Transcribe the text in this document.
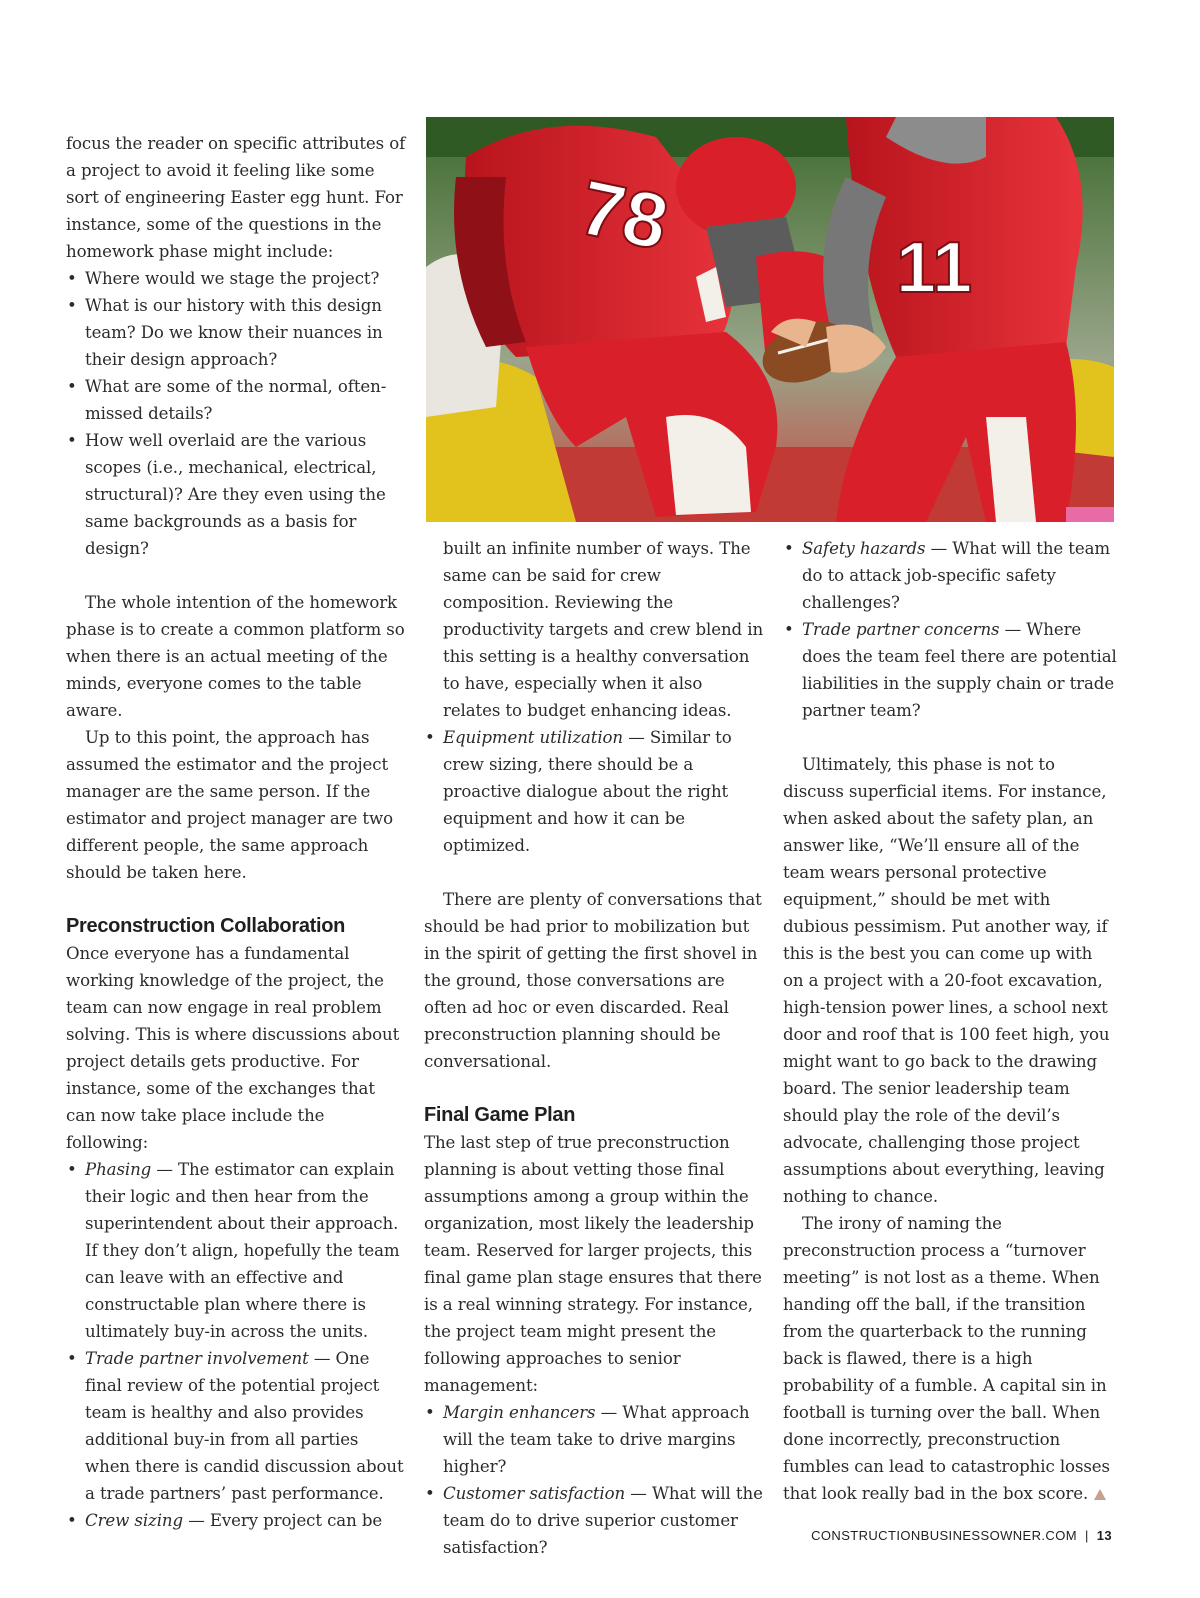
focus the reader on specific attributes of a project to avoid it feeling like some sort of engineering Easter egg hunt. For instance, some of the questions in the homework phase might include:

• Where would we stage the project?
• What is our history with this design team? Do we know their nuances in their design approach?
• What are some of the normal, often-missed details?
• How well overlaid are the various scopes (i.e., mechanical, electrical, structural)? Are they even using the same backgrounds as a basis for design?

The whole intention of the homework phase is to create a common platform so when there is an actual meeting of the minds, everyone comes to the table aware.

Up to this point, the approach has assumed the estimator and the project manager are the same person. If the estimator and project manager are two different people, the same approach should be taken here.

Preconstruction Collaboration

Once everyone has a fundamental working knowledge of the project, the team can now engage in real problem solving. This is where discussions about project details gets productive. For instance, some of the exchanges that can now take place include the following:

• Phasing — The estimator can explain their logic and then hear from the superintendent about their approach. If they don’t align, hopefully the team can leave with an effective and constructable plan where there is ultimately buy-in across the units.
• Trade partner involvement — One final review of the potential project team is healthy and also provides additional buy-in from all parties when there is candid discussion about a trade partners’ past performance.
• Crew sizing — Every project can be
78
11

built an infinite number of ways. The same can be said for crew composition. Reviewing the productivity targets and crew blend in this setting is a healthy conversation to have, especially when it also relates to budget enhancing ideas.

• Equipment utilization — Similar to crew sizing, there should be a proactive dialogue about the right equipment and how it can be optimized.

There are plenty of conversations that should be had prior to mobilization but in the spirit of getting the first shovel in the ground, those conversations are often ad hoc or even discarded. Real preconstruction planning should be conversational.

Final Game Plan

The last step of true preconstruction planning is about vetting those final assumptions among a group within the organization, most likely the leadership team. Reserved for larger projects, this final game plan stage ensures that there is a real winning strategy. For instance, the project team might present the following approaches to senior management:

• Margin enhancers — What approach will the team take to drive margins higher?
• Customer satisfaction — What will the team do to drive superior customer satisfaction?
• Safety hazards — What will the team do to attack job-specific safety challenges?
• Trade partner concerns — Where does the team feel there are potential liabilities in the supply chain or trade partner team?

Ultimately, this phase is not to discuss superficial items. For instance, when asked about the safety plan, an answer like, “We’ll ensure all of the team wears personal protective equipment,” should be met with dubious pessimism. Put another way, if this is the best you can come up with on a project with a 20-foot excavation, high-tension power lines, a school next door and roof that is 100 feet high, you might want to go back to the drawing board. The senior leadership team should play the role of the devil’s advocate, challenging those project assumptions about everything, leaving nothing to chance.

The irony of naming the preconstruction process a “turnover meeting” is not lost as a theme. When handing off the ball, if the transition from the quarterback to the running back is flawed, there is a high probability of a fumble. A capital sin in football is turning over the ball. When done incorrectly, preconstruction fumbles can lead to catastrophic losses that look really bad in the box score.

CONSTRUCTIONBUSINESSOWNER.COM | 13
